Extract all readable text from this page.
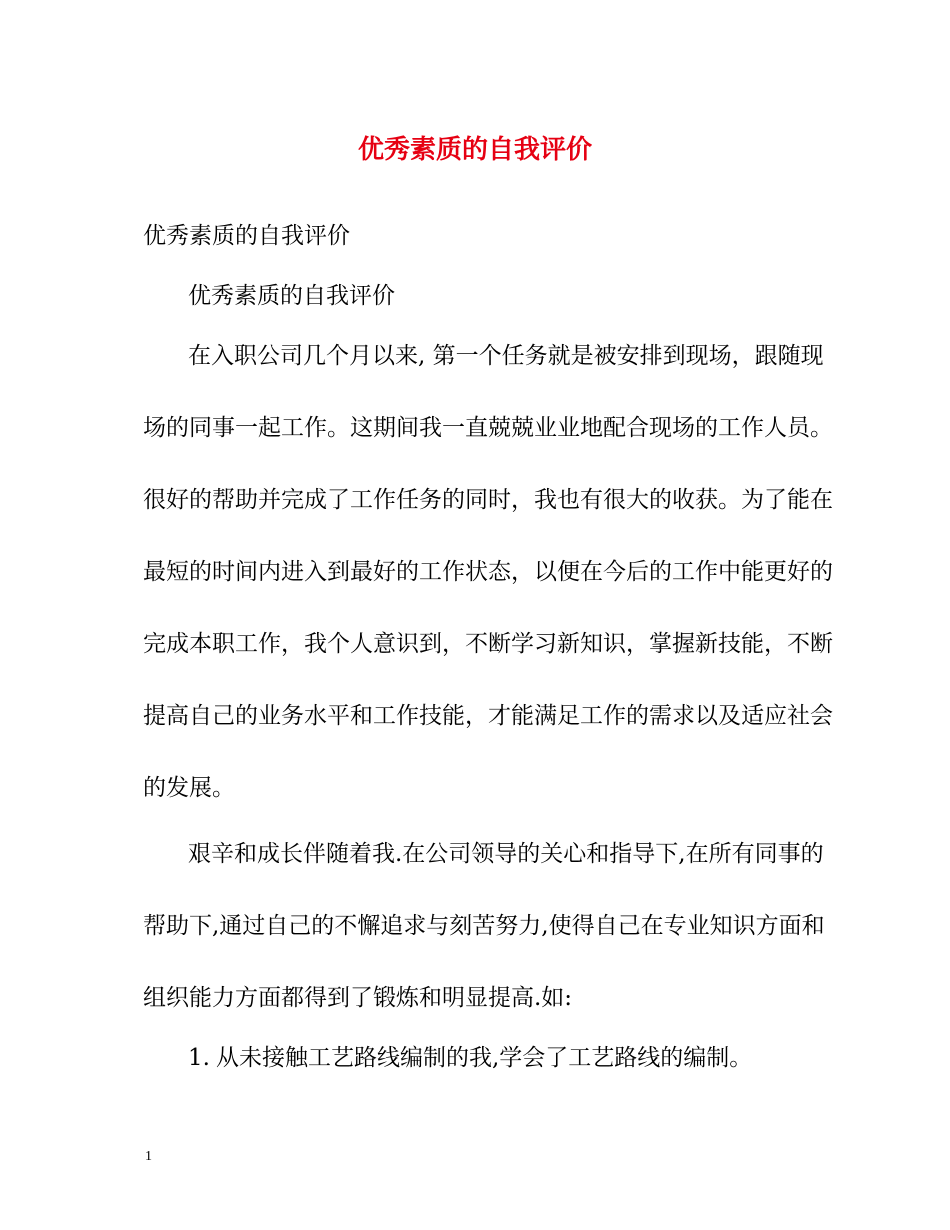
优秀素质的自我评价
优秀素质的自我评价
优秀素质的自我评价
在入职公司几个月以来, 第一个任务就是被安排到现场，跟随现
场的同事一起工作。这期间我一直兢兢业业地配合现场的工作人员。
很好的帮助并完成了工作任务的同时，我也有很大的收获。为了能在
最短的时间内进入到最好的工作状态，以便在今后的工作中能更好的
完成本职工作，我个人意识到，不断学习新知识，掌握新技能，不断
提高自己的业务水平和工作技能，才能满足工作的需求以及适应社会
的发展。
艰辛和成长伴随着我.在公司领导的关心和指导下,在所有同事的
帮助下,通过自己的不懈追求与刻苦努力,使得自己在专业知识方面和
组织能力方面都得到了锻炼和明显提高.如:
1. 从未接触工艺路线编制的我,学会了工艺路线的编制。
1
